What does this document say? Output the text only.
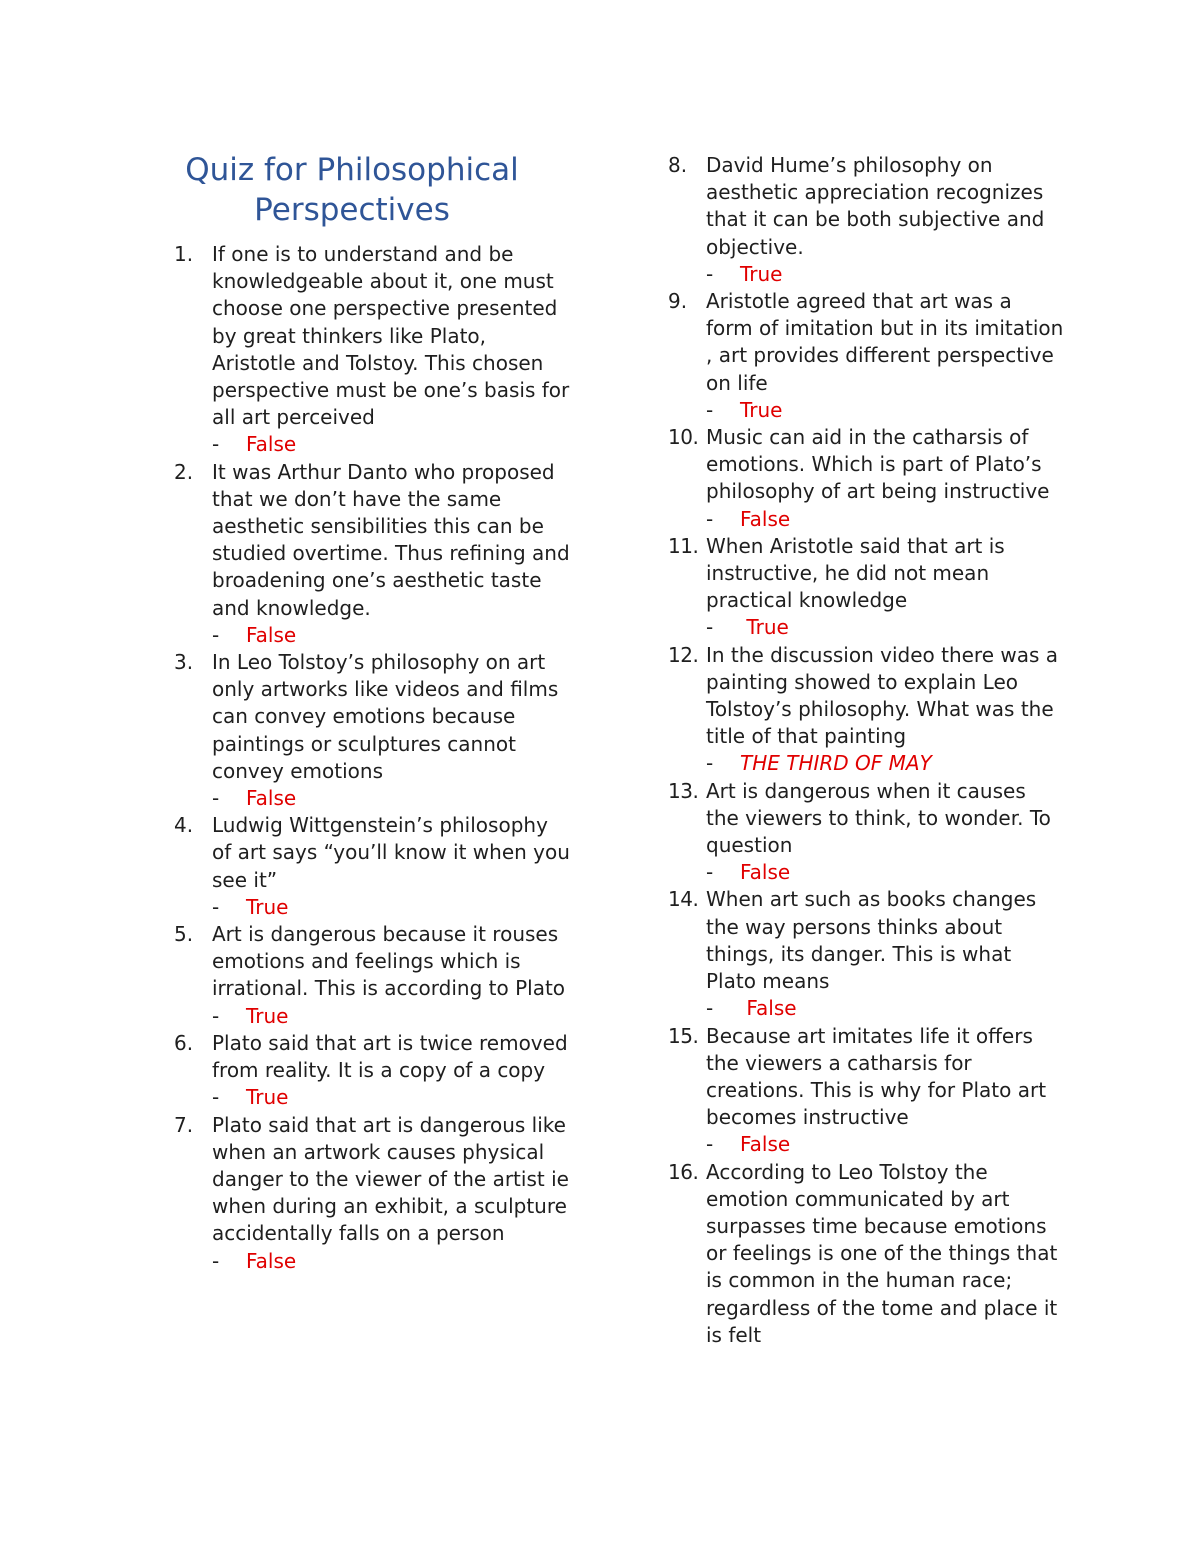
Quiz for Philosophical
Perspectives
1. If one is to understand and be knowledgeable about it, one must choose one perspective presented by great thinkers like Plato, Aristotle and Tolstoy. This chosen perspective must be one’s basis for all art perceived
- False
2. It was Arthur Danto who proposed that we don’t have the same aesthetic sensibilities this can be studied overtime. Thus refining and broadening one’s aesthetic taste and knowledge.
- False
3. In Leo Tolstoy’s philosophy on art only artworks like videos and films can convey emotions because paintings or sculptures cannot convey emotions
- False
4. Ludwig Wittgenstein’s philosophy of art says “you’ll know it when you see it”
- True
5. Art is dangerous because it rouses emotions and feelings which is irrational. This is according to Plato
- True
6. Plato said that art is twice removed from reality. It is a copy of a copy
- True
7. Plato said that art is dangerous like when an artwork causes physical danger to the viewer of the artist ie when during an exhibit, a sculpture accidentally falls on a person
- False
8. David Hume’s philosophy on aesthetic appreciation recognizes that it can be both subjective and objective.
- True
9. Aristotle agreed that art was a form of imitation but in its imitation , art provides different perspective on life
- True
10. Music can aid in the catharsis of emotions. Which is part of Plato’s philosophy of art being instructive
- False
11. When Aristotle said that art is instructive, he did not mean practical knowledge
- True
12. In the discussion video there was a painting showed to explain Leo Tolstoy’s philosophy. What was the title of that painting
- THE THIRD OF MAY
13. Art is dangerous when it causes the viewers to think, to wonder. To question
- False
14. When art such as books changes the way persons thinks about things, its danger. This is what Plato means
- False
15. Because art imitates life it offers the viewers a catharsis for creations. This is why for Plato art becomes instructive
- False
16. According to Leo Tolstoy the emotion communicated by art surpasses time because emotions or feelings is one of the things that is common in the human race; regardless of the tome and place it is felt
